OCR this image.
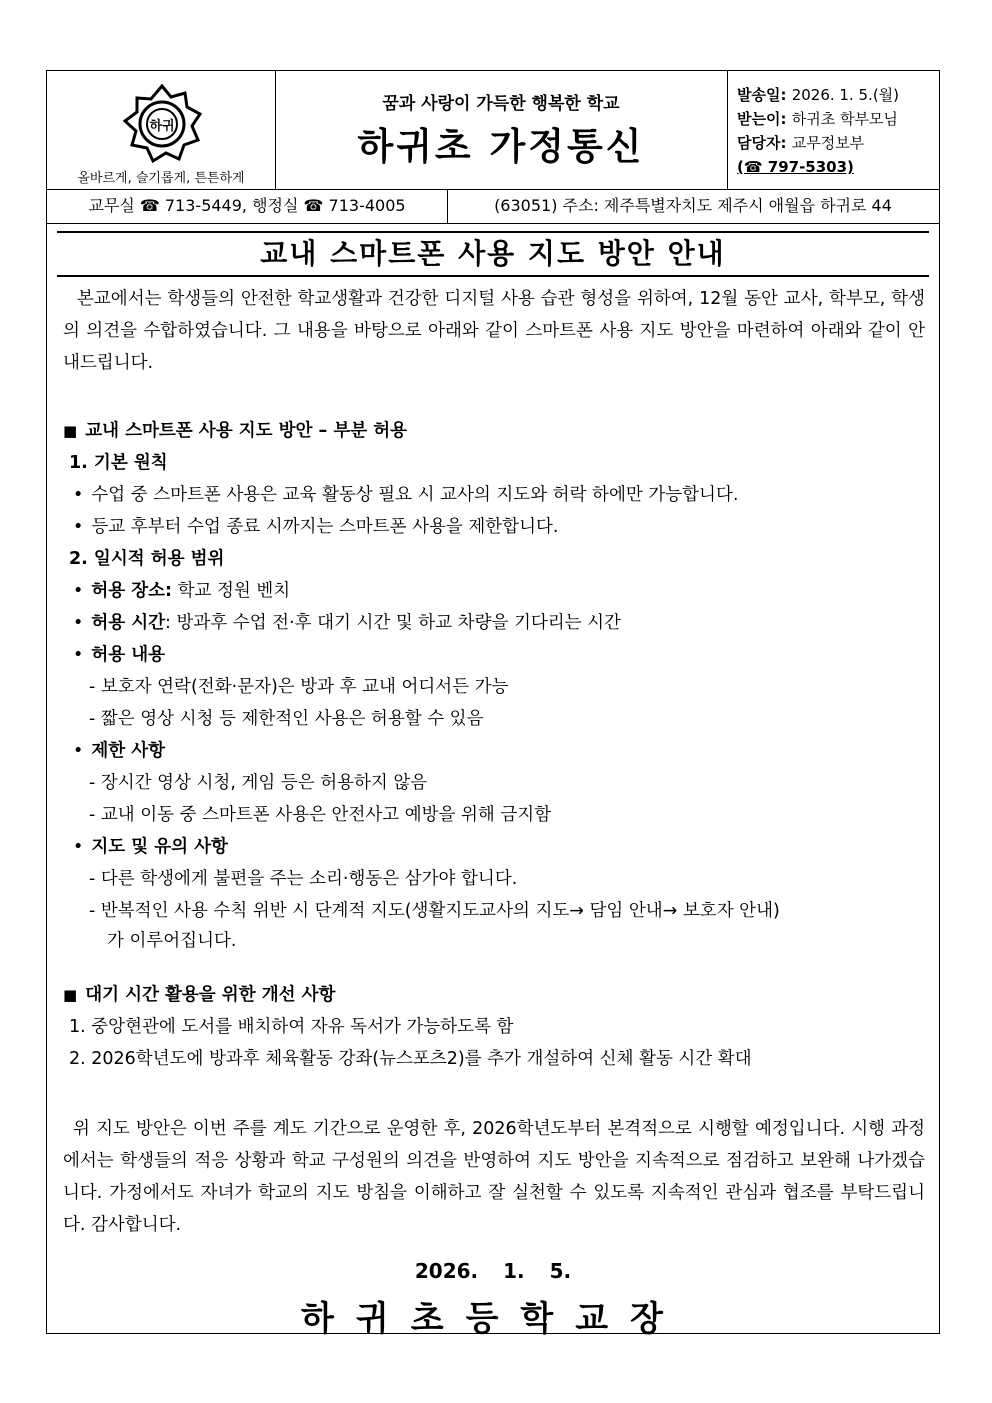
하귀
올바르게, 슬기롭게, 튼튼하게
꿈과 사랑이 가득한 행복한 학교
하귀초 가정통신
발송일: 2026. 1. 5.(월)
받는이: 하귀초 학부모님
담당자: 교무정보부
(☎ 797-5303)
교무실 ☎ 713-5449, 행정실 ☎ 713-4005	(63051) 주소: 제주특별자치도 제주시 애월읍 하귀로 44
교내 스마트폰 사용 지도 방안 안내

본교에서는 학생들의 안전한 학교생활과 건강한 디지털 사용 습관 형성을 위하여, 12월 동안 교사, 학부모, 학생의 의견을 수합하였습니다. 그 내용을 바탕으로 아래와 같이 스마트폰 사용 지도 방안을 마련하여 아래와 같이 안내드립니다.

■ 교내 스마트폰 사용 지도 방안 – 부분 허용
1. 기본 원칙
• 수업 중 스마트폰 사용은 교육 활동상 필요 시 교사의 지도와 허락 하에만 가능합니다.
• 등교 후부터 수업 종료 시까지는 스마트폰 사용을 제한합니다.
2. 일시적 허용 범위
• 허용 장소: 학교 정원 벤치
• 허용 시간: 방과후 수업 전·후 대기 시간 및 하교 차량을 기다리는 시간
• 허용 내용
- 보호자 연락(전화·문자)은 방과 후 교내 어디서든 가능
- 짧은 영상 시청 등 제한적인 사용은 허용할 수 있음
• 제한 사항
- 장시간 영상 시청, 게임 등은 허용하지 않음
- 교내 이동 중 스마트폰 사용은 안전사고 예방을 위해 금지함
• 지도 및 유의 사항
- 다른 학생에게 불편을 주는 소리·행동은 삼가야 합니다.
- 반복적인 사용 수칙 위반 시 단계적 지도(생활지도교사의 지도→ 담임 안내→ 보호자 안내)
가 이루어집니다.
■ 대기 시간 활용을 위한 개선 사항
1. 중앙현관에 도서를 배치하여 자유 독서가 가능하도록 함
2. 2026학년도에 방과후 체육활동 강좌(뉴스포츠2)를 추가 개설하여 신체 활동 시간 확대

위 지도 방안은 이번 주를 계도 기간으로 운영한 후, 2026학년도부터 본격적으로 시행할 예정입니다. 시행 과정에서는 학생들의 적응 상황과 학교 구성원의 의견을 반영하여 지도 방안을 지속적으로 점검하고 보완해 나가겠습니다. 가정에서도 자녀가 학교의 지도 방침을 이해하고 잘 실천할 수 있도록 지속적인 관심과 협조를 부탁드립니다. 감사합니다.

2026. 1. 5.
하귀초등학교장
